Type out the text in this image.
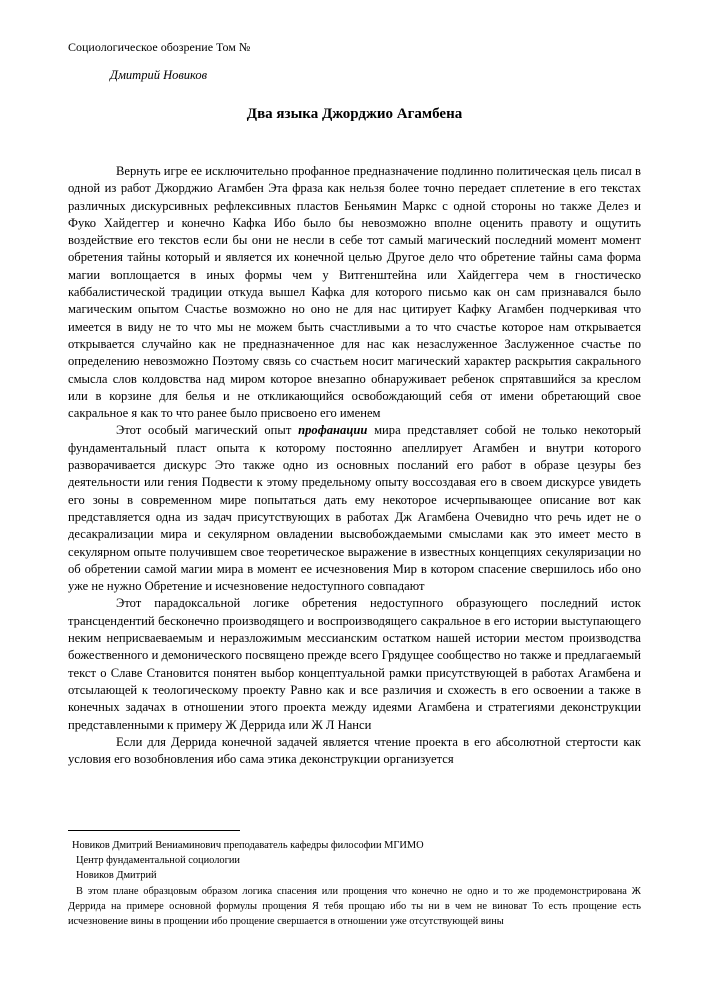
Социологическое обозрение Том №
Дмитрий Новиков
Два языка Джорджио Агамбена

Вернуть игре ее исключительно профанное предназначение подлинно политическая цель писал в одной из работ Джорджио Агамбен Эта фраза как нельзя более точно передает сплетение в его текстах различных дискурсивных рефлексивных пластов Беньямин Маркс с одной стороны но также Делез и Фуко Хайдеггер и конечно Кафка Ибо было бы невозможно вполне оценить правоту и ощутить воздействие его текстов если бы они не несли в себе тот самый магический последний момент момент обретения тайны который и является их конечной целью Другое дело что обретение тайны сама форма магии воплощается в иных формы чем у Витгенштейна или Хайдеггера чем в гностическо каббалистической традиции откуда вышел Кафка для которого письмо как он сам признавался было магическим опытом Счастье возможно но оно не для нас цитирует Кафку Агамбен подчеркивая что имеется в виду не то что мы не можем быть счастливыми а то что счастье которое нам открывается открывается случайно как не предназначенное для нас как незаслуженное Заслуженное счастье по определению невозможно Поэтому связь со счастьем носит магический характер раскрытия сакрального смысла слов колдовства над миром которое внезапно обнаруживает ребенок спрятавшийся за креслом или в корзине для белья и не откликающийся освобождающий себя от имени обретающий свое сакральное я как то что ранее было присвоено его именем

Этот особый магический опыт профанации мира представляет собой не только некоторый фундаментальный пласт опыта к которому постоянно апеллирует Агамбен и внутри которого разворачивается дискурс Это также одно из основных посланий его работ в образе цезуры без деятельности или гения Подвести к этому предельному опыту воссоздавая его в своем дискурсе увидеть его зоны в современном мире попытаться дать ему некоторое исчерпывающее описание вот как представляется одна из задач присутствующих в работах Дж Агамбена Очевидно что речь идет не о десакрализации мира и секулярном овладении высвобождаемыми смыслами как это имеет место в секулярном опыте получившем свое теоретическое выражение в известных концепциях секуляризации но об обретении самой магии мира в момент ее исчезновения Мир в котором спасение свершилось ибо оно уже не нужно Обретение и исчезновение недоступного совпадают

Этот парадоксальной логике обретения недоступного образующего последний исток трансцендентий бесконечно производящего и воспроизводящего сакральное в его истории выступающего неким неприсваеваемым и неразложимым мессианским остатком нашей истории местом производства божественного и демонического посвящено прежде всего Грядущее сообщество но также и предлагаемый текст о Славе Становится понятен выбор концептуальной рамки присутствующей в работах Агамбена и отсылающей к теологическому проекту Равно как и все различия и схожесть в его освоении а также в конечных задачах в отношении этого проекта между идеями Агамбена и стратегиями деконструкции представленными к примеру Ж Деррида или Ж Л Нанси

Если для Деррида конечной задачей является чтение проекта в его абсолютной стертости как условия его возобновления ибо сама этика деконструкции организуется

Новиков Дмитрий Вениаминович преподаватель кафедры философии МГИМО
Центр фундаментальной социологии
Новиков Дмитрий
В этом плане образцовым образом логика спасения или прощения что конечно не одно и то же продемонстрирована Ж Деррида на примере основной формулы прощения Я тебя прощаю ибо ты ни в чем не виноват То есть прощение есть исчезновение вины в прощении ибо прощение свершается в отношении уже отсутствующей вины
